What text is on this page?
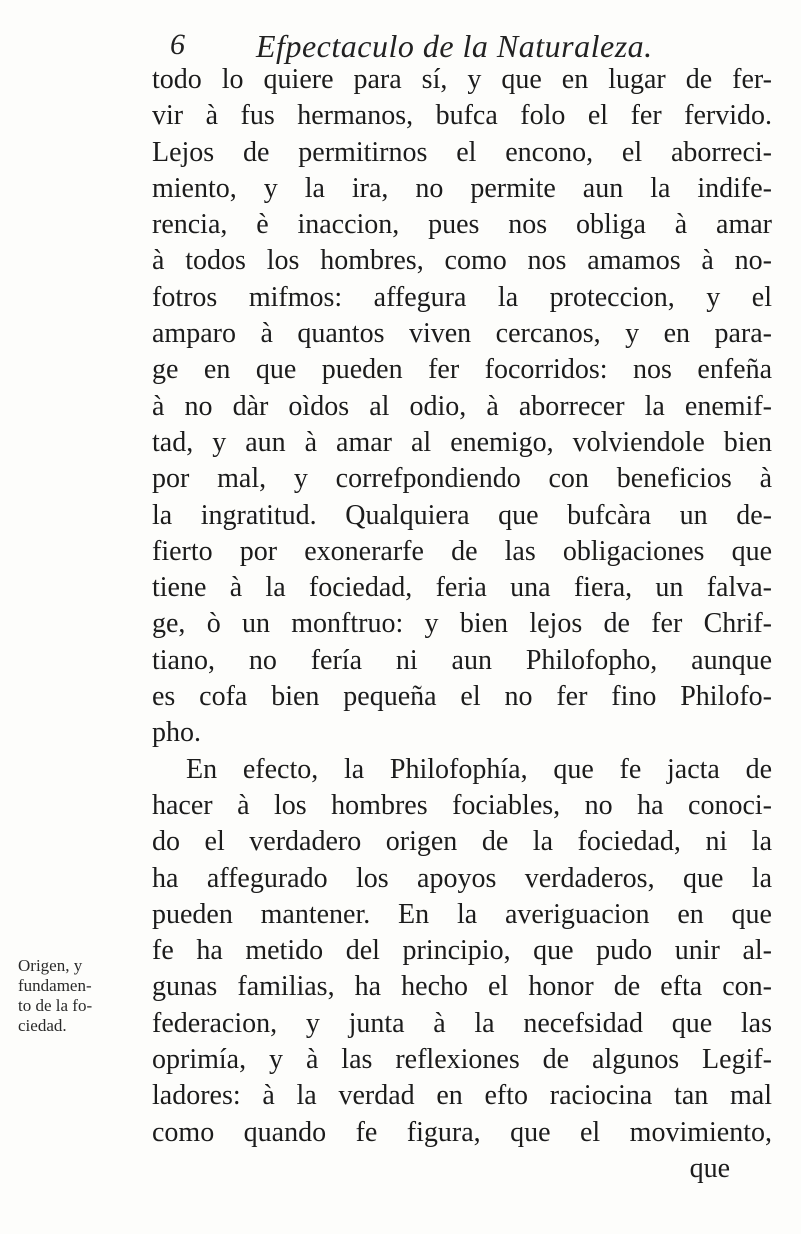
6 Efpectaculo de la Naturaleza.
todo lo quiere para sí, y que en lugar de fer-
vir à fus hermanos, bufca folo el fer fervido.
Lejos de permitirnos el encono, el aborreci-
miento, y la ira, no permite aun la indife-
rencia, è inaccion, pues nos obliga à amar
à todos los hombres, como nos amamos à no-
fotros mifmos: affegura la proteccion, y el
amparo à quantos viven cercanos, y en para-
ge en que pueden fer focorridos: nos enfeña
à no dàr oìdos al odio, à aborrecer la enemif-
tad, y aun à amar al enemigo, volviendole bien
por mal, y correfpondiendo con beneficios à
la ingratitud. Qualquiera que bufcàra un de-
fierto por exonerarfe de las obligaciones que
tiene à la fociedad, feria una fiera, un falva-
ge, ò un monftruo: y bien lejos de fer Chrif-
tiano, no fería ni aun Philofopho, aunque
es cofa bien pequeña el no fer fino Philofo-
pho.
En efecto, la Philofophía, que fe jacta de
hacer à los hombres fociables, no ha conoci-
do el verdadero origen de la fociedad, ni la
ha affegurado los apoyos verdaderos, que la
pueden mantener. En la averiguacion en que
fe ha metido del principio, que pudo unir al-
gunas familias, ha hecho el honor de efta con-
federacion, y junta à la necefsidad que las
oprimía, y à las reflexiones de algunos Legif-
ladores: à la verdad en efto raciocina tan mal
como quando fe figura, que el movimiento,
que
Origen, y
fundamen-
to de la fo-
ciedad.
